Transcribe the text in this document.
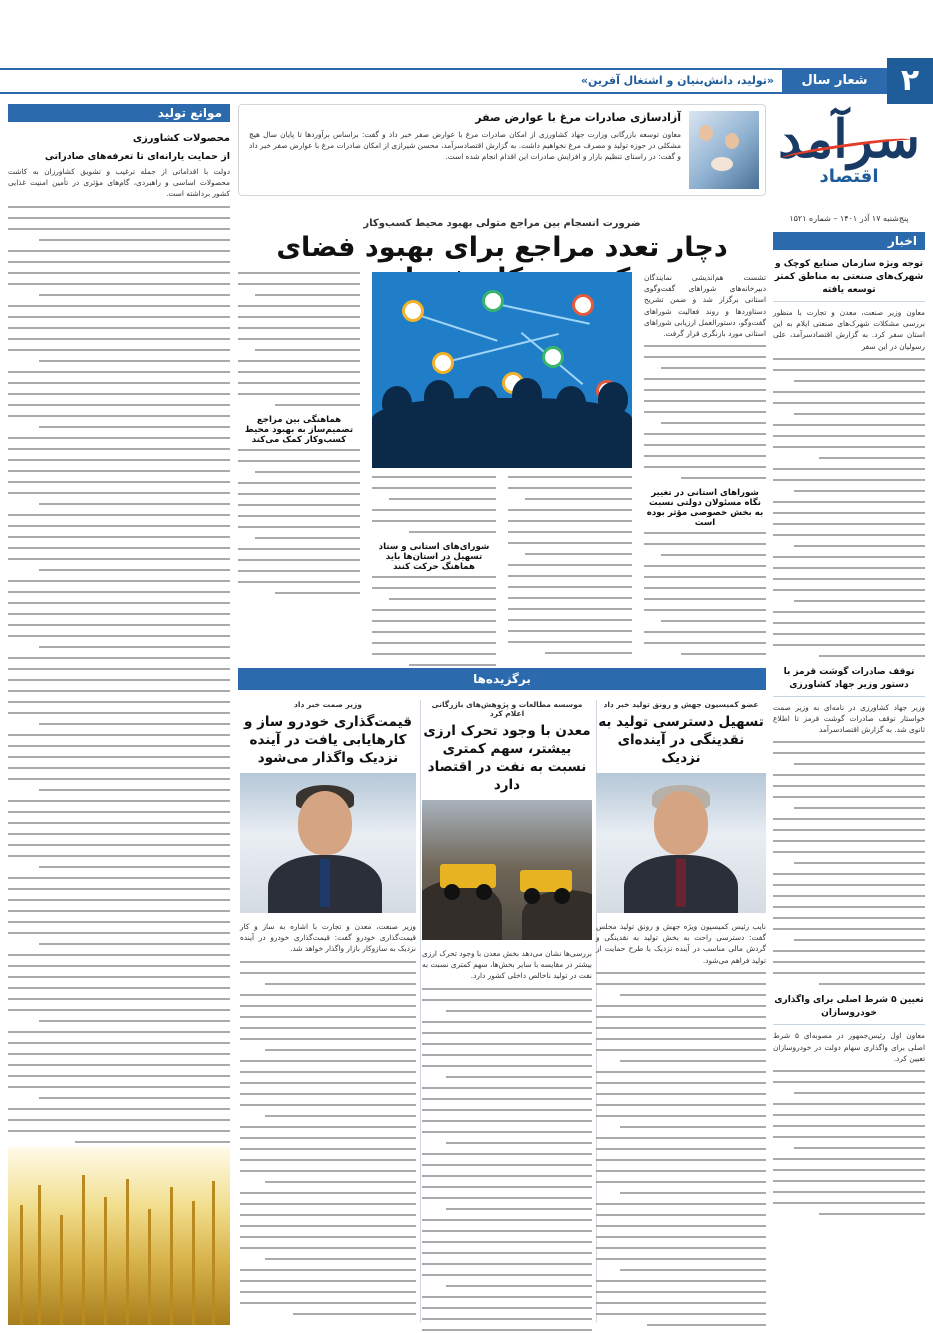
۲
شعار سال
«تولید، دانش‌بنیان و اشتغال آفرین»
سرآمد
اقتصاد
پنج‌شنبه ۱۷ آذر ۱۴۰۱ – شماره ۱۵۲۱
اخبار
توجه ویژه سازمان صنایع کوچک و شهرک‌های صنعتی به مناطق کمتر توسعه یافته
معاون وزیر صنعت، معدن و تجارت با منظور بررسی مشکلات شهرک‌های صنعتی ایلام به این استان سفر کرد. به گزارش اقتصادسرآمد، علی رسولیان در این سفر
توقف صادرات گوشت قرمز با دستور وزیر جهاد کشاورزی
وزیر جهاد کشاورزی در نامه‌ای به وزیر صمت خواستار توقف صادرات گوشت قرمز تا اطلاع ثانوی شد. به گزارش اقتصادسرآمد
تعیین ۵ شرط اصلی برای واگذاری خودروسازان
معاون اول رئیس‌جمهور در مصوبه‌ای ۵ شرط اصلی برای واگذاری سهام دولت در خودروسازان تعیین کرد.
موانع تولید
محصولات کشاورزی
از حمایت یارانه‌ای تا تعرفه‌های صادراتی
دولت با اقداماتی از جمله ترغیب و تشویق کشاورزان به کاشت محصولات اساسی و راهبردی، گام‌های مؤثری در تأمین امنیت غذایی کشور برداشته است.
آزادسازی صادرات مرغ با عوارض صفر
معاون توسعه بازرگانی وزارت جهاد کشاورزی از امکان صادرات مرغ با عوارض صفر خبر داد و گفت: براساس برآوردها تا پایان سال هیچ مشکلی در حوزه تولید و مصرف مرغ نخواهیم داشت. به گزارش اقتصادسرآمد، محسن شیرازی از امکان صادرات مرغ با عوارض صفر خبر داد و گفت: در راستای تنظیم بازار و افزایش صادرات این اقدام انجام شده است.
ضرورت انسجام بین مراجع متولی بهبود محیط کسب‌وکار
دچار تعدد مراجع برای بهبود فضای
تشست هم‌اندیشی نمایندگان دبیرخانه‌های شوراهای گفت‌وگوی استانی برگزار شد و ضمن تشریح دستاوردها و روند فعالیت شوراهای گفت‌وگو، دستورالعمل ارزیابی شوراهای استانی مورد بازنگری قرار گرفت.
شوراهای استانی در تغییر نگاه مسئولان دولتی نسبت به بخش خصوصی مؤثر بوده است
هماهنگی بین مراجع تصمیم‌ساز به بهبود محیط کسب‌وکار کمک می‌کند
شورای‌های استانی و ستاد تسهیل در استان‌ها باید هماهنگ حرکت کنند
برگزیده‌ها
عضو کمیسیون جهش و رونق تولید خبر داد
تسهیل دسترسی تولید به نقدینگی در آینده‌ای نزدیک
نایب رئیس کمیسیون ویژه جهش و رونق تولید مجلس گفت: دسترسی راحت به بخش تولید به نقدینگی و گردش مالی مناسب در آینده نزدیک با طرح حمایت از تولید فراهم می‌شود.
موسسه مطالعات و پژوهش‌های بازرگانی اعلام کرد
معدن با وجود تحرک ارزی بیشتر، سهم کمتری نسبت به نفت در اقتصاد دارد
بررسی‌ها نشان می‌دهد بخش معدن با وجود تحرک ارزی بیشتر در مقایسه با سایر بخش‌ها، سهم کمتری نسبت به نفت در تولید ناخالص داخلی کشور دارد.
وزیر صمت خبر داد
قیمت‌گذاری خودرو ساز و کارهایابی یافت در آینده نزدیک واگذار می‌شود
وزیر صنعت، معدن و تجارت با اشاره به ساز و کار قیمت‌گذاری خودرو گفت: قیمت‌گذاری خودرو در آینده نزدیک به سازوکار بازار واگذار خواهد شد.
